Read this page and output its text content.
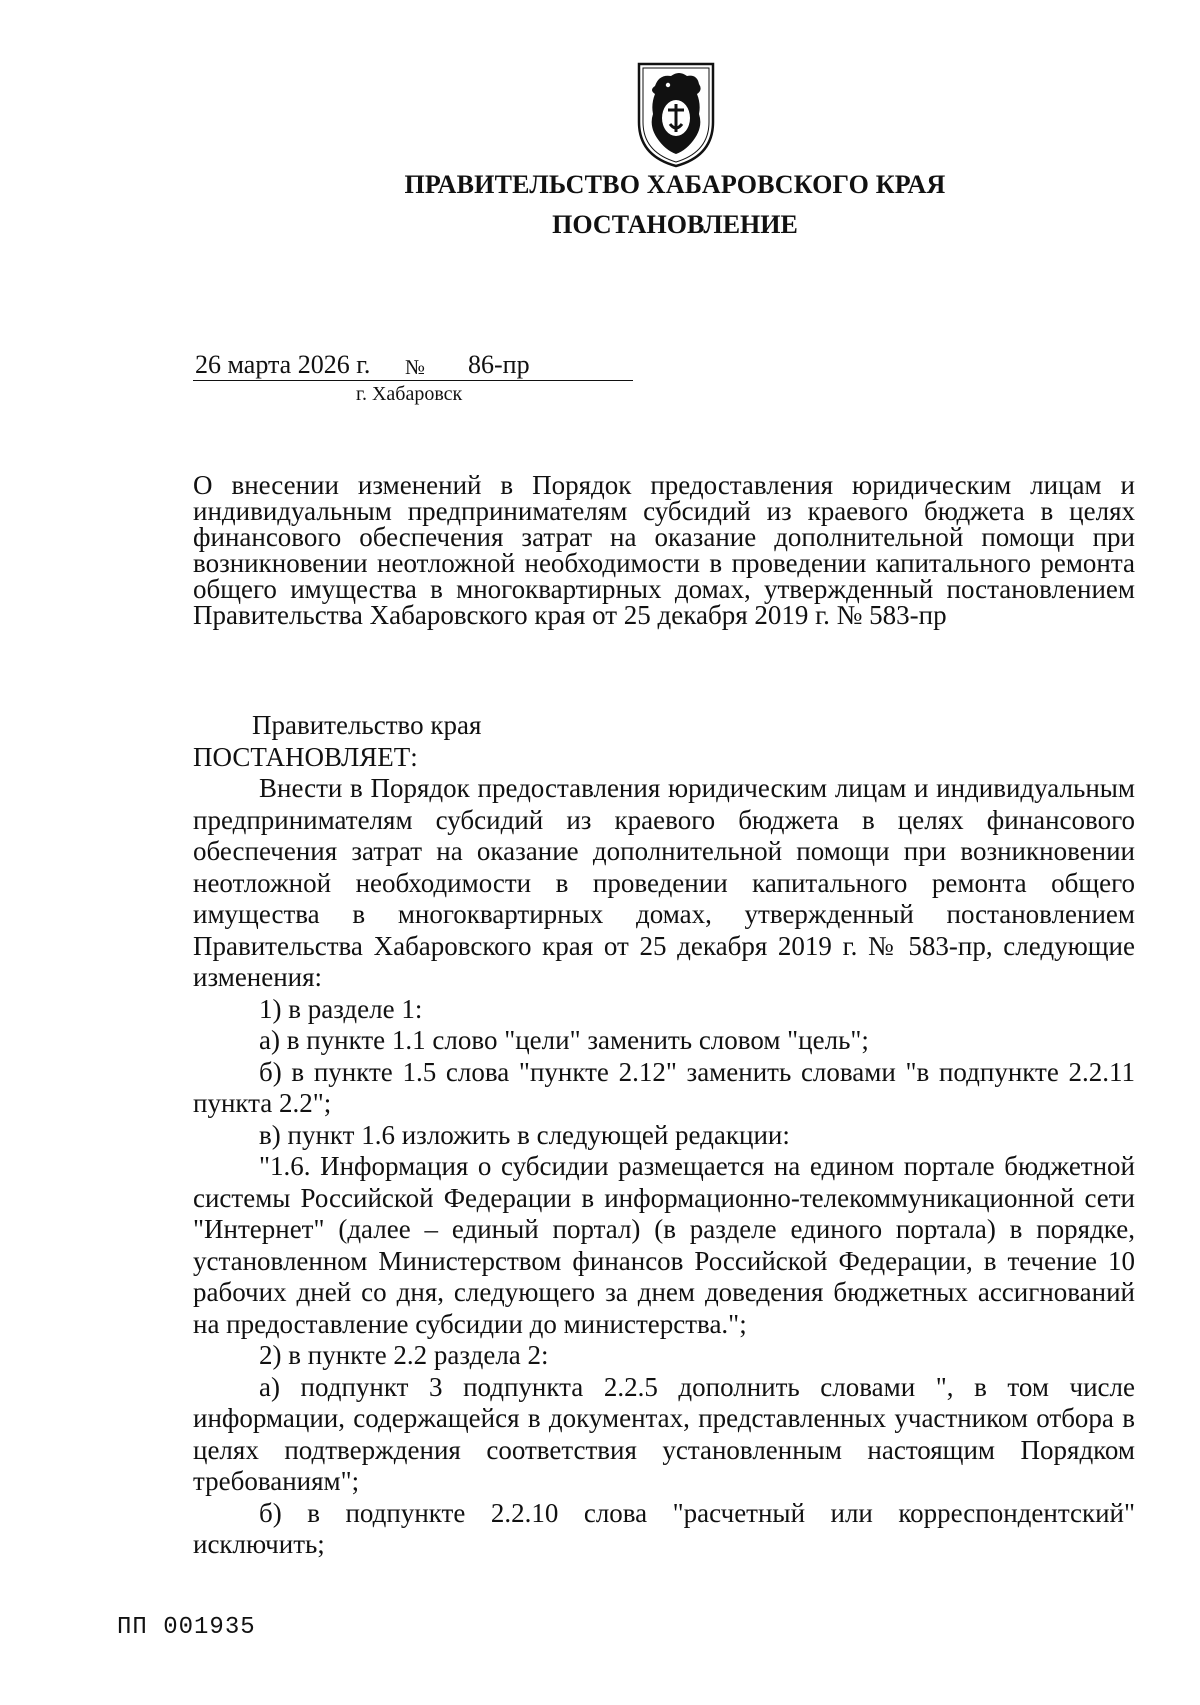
ПРАВИТЕЛЬСТВО ХАБАРОВСКОГО КРАЯ
ПОСТАНОВЛЕНИЕ
26 марта 2026 г. № 86-пр
г. Хабаровск
О внесении изменений в Порядок предоставления юридическим лицам и индивидуальным предпринимателям субсидий из краевого бюджета в целях финансового обеспечения затрат на оказание дополнительной помощи при возникновении неотложной необходимости в проведении капитального ремонта общего имущества в многоквартирных домах, утвержденный постановлением Правительства Хабаровского края от 25 декабря 2019 г. № 583-пр

Правительство края

ПОСТАНОВЛЯЕТ:

Внести в Порядок предоставления юридическим лицам и индивидуальным предпринимателям субсидий из краевого бюджета в целях финансового обеспечения затрат на оказание дополнительной помощи при возникновении неотложной необходимости в проведении капитального ремонта общего имущества в многоквартирных домах, утвержденный постановлением Правительства Хабаровского края от 25 декабря 2019 г. № 583-пр, следующие изменения:

1) в разделе 1:

а) в пункте 1.1 слово "цели" заменить словом "цель";

б) в пункте 1.5 слова "пункте 2.12" заменить словами "в подпункте 2.2.11 пункта 2.2";

в) пункт 1.6 изложить в следующей редакции:

"1.6. Информация о субсидии размещается на едином портале бюджетной системы Российской Федерации в информационно-телекоммуникационной сети "Интернет" (далее – единый портал) (в разделе единого портала) в порядке, установленном Министерством финансов Российской Федерации, в течение 10 рабочих дней со дня, следующего за днем доведения бюджетных ассигнований на предоставление субсидии до министерства.";

2) в пункте 2.2 раздела 2:

а) подпункт 3 подпункта 2.2.5 дополнить словами ", в том числе информации, содержащейся в документах, представленных участником отбора в целях подтверждения соответствия установленным настоящим Порядком требованиям";

б) в подпункте 2.2.10 слова "расчетный или корреспондентский" исключить;

ПП 001935
